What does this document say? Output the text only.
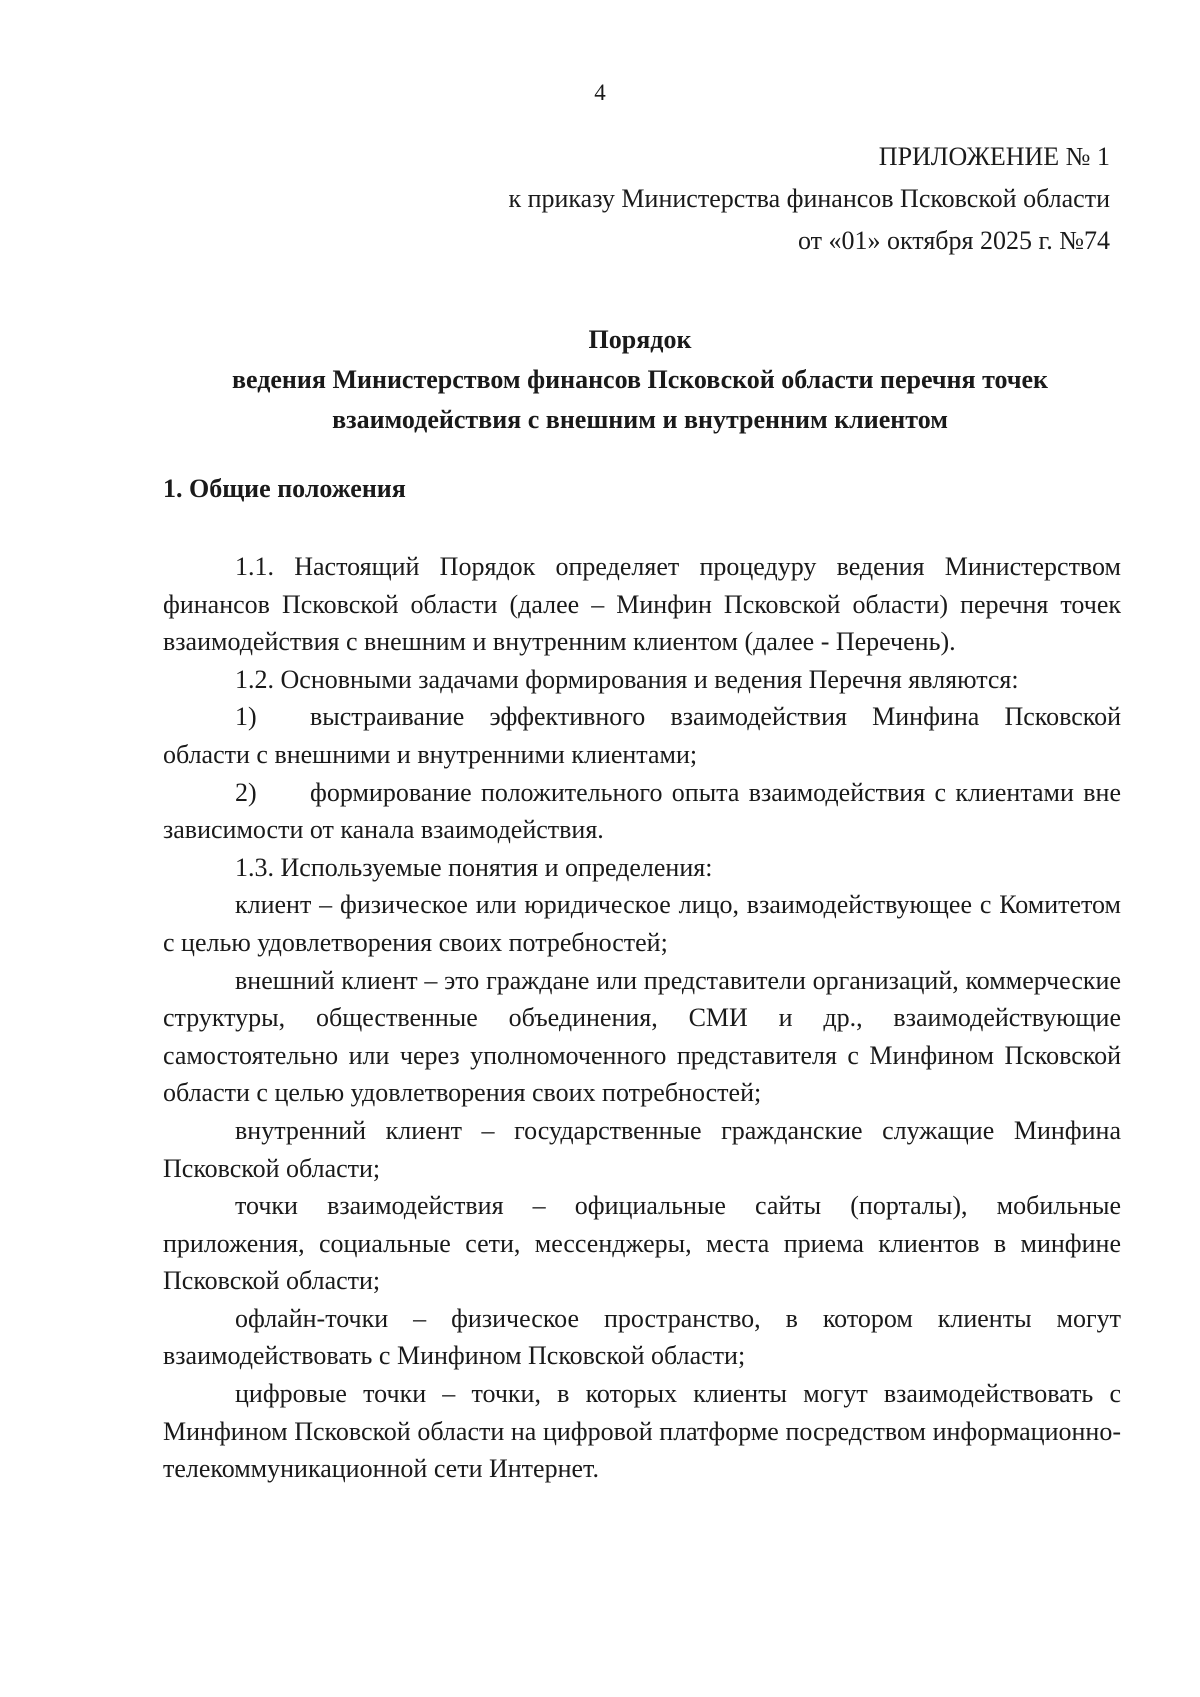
4
ПРИЛОЖЕНИЕ № 1
к приказу Министерства финансов Псковской области
от «01» октября 2025 г. №74
Порядок
ведения Министерством финансов Псковской области перечня точек
взаимодействия с внешним и внутренним клиентом
1. Общие положения

1.1. Настоящий Порядок определяет процедуру ведения Министерством финансов Псковской области (далее – Минфин Псковской области) перечня точек взаимодействия с внешним и внутренним клиентом (далее - Перечень).

1.2. Основными задачами формирования и ведения Перечня являются:

1) выстраивание эффективного взаимодействия Минфина Псковской области с внешними и внутренними клиентами;

2) формирование положительного опыта взаимодействия с клиентами вне зависимости от канала взаимодействия.

1.3. Используемые понятия и определения:

клиент – физическое или юридическое лицо, взаимодействующее с Комитетом с целью удовлетворения своих потребностей;

внешний клиент – это граждане или представители организаций, коммерческие структуры, общественные объединения, СМИ и др., взаимодействующие самостоятельно или через уполномоченного представителя с Минфином Псковской области с целью удовлетворения своих потребностей;

внутренний клиент – государственные гражданские служащие Минфина Псковской области;

точки взаимодействия – официальные сайты (порталы), мобильные приложения, социальные сети, мессенджеры, места приема клиентов в минфине Псковской области;

офлайн-точки – физическое пространство, в котором клиенты могут взаимодействовать с Минфином Псковской области;

цифровые точки – точки, в которых клиенты могут взаимодействовать с Минфином Псковской области на цифровой платформе посредством информационно-телекоммуникационной сети Интернет.
